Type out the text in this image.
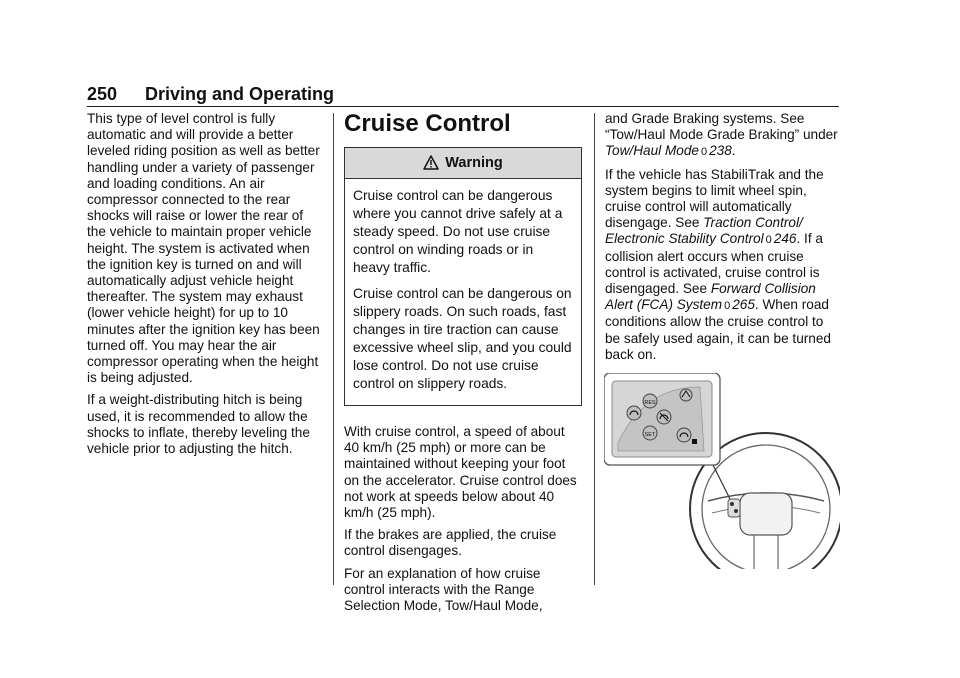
250 Driving and Operating

This type of level control is fully automatic and will provide a better leveled riding position as well as better handling under a variety of passenger and loading conditions. An air compressor connected to the rear shocks will raise or lower the rear of the vehicle to maintain proper vehicle height. The system is activated when the ignition key is turned on and will automatically adjust vehicle height thereafter. The system may exhaust (lower vehicle height) for up to 10 minutes after the ignition key has been turned off. You may hear the air compressor operating when the height is being adjusted.

If a weight-distributing hitch is being used, it is recommended to allow the shocks to inflate, thereby leveling the vehicle prior to adjusting the hitch.

Cruise Control
Warning

Cruise control can be dangerous where you cannot drive safely at a steady speed. Do not use cruise control on winding roads or in heavy traffic.

Cruise control can be dangerous on slippery roads. On such roads, fast changes in tire traction can cause excessive wheel slip, and you could lose control. Do not use cruise control on slippery roads.

With cruise control, a speed of about 40 km/h (25 mph) or more can be maintained without keeping your foot on the accelerator. Cruise control does not work at speeds below about 40 km/h (25 mph).

If the brakes are applied, the cruise control disengages.

For an explanation of how cruise control interacts with the Range Selection Mode, Tow/Haul Mode,

and Grade Braking systems. See “Tow/Haul Mode Grade Braking” under Tow/Haul Mode 0 238.

If the vehicle has StabiliTrak and the system begins to limit wheel spin, cruise control will automatically disengage. See Traction Control/ Electronic Stability Control 0 246. If a collision alert occurs when cruise control is activated, cruise control is disengaged. See Forward Collision Alert (FCA) System 0 265. When road conditions allow the cruise control to be safely used again, it can be turned back on.

RES
SET
